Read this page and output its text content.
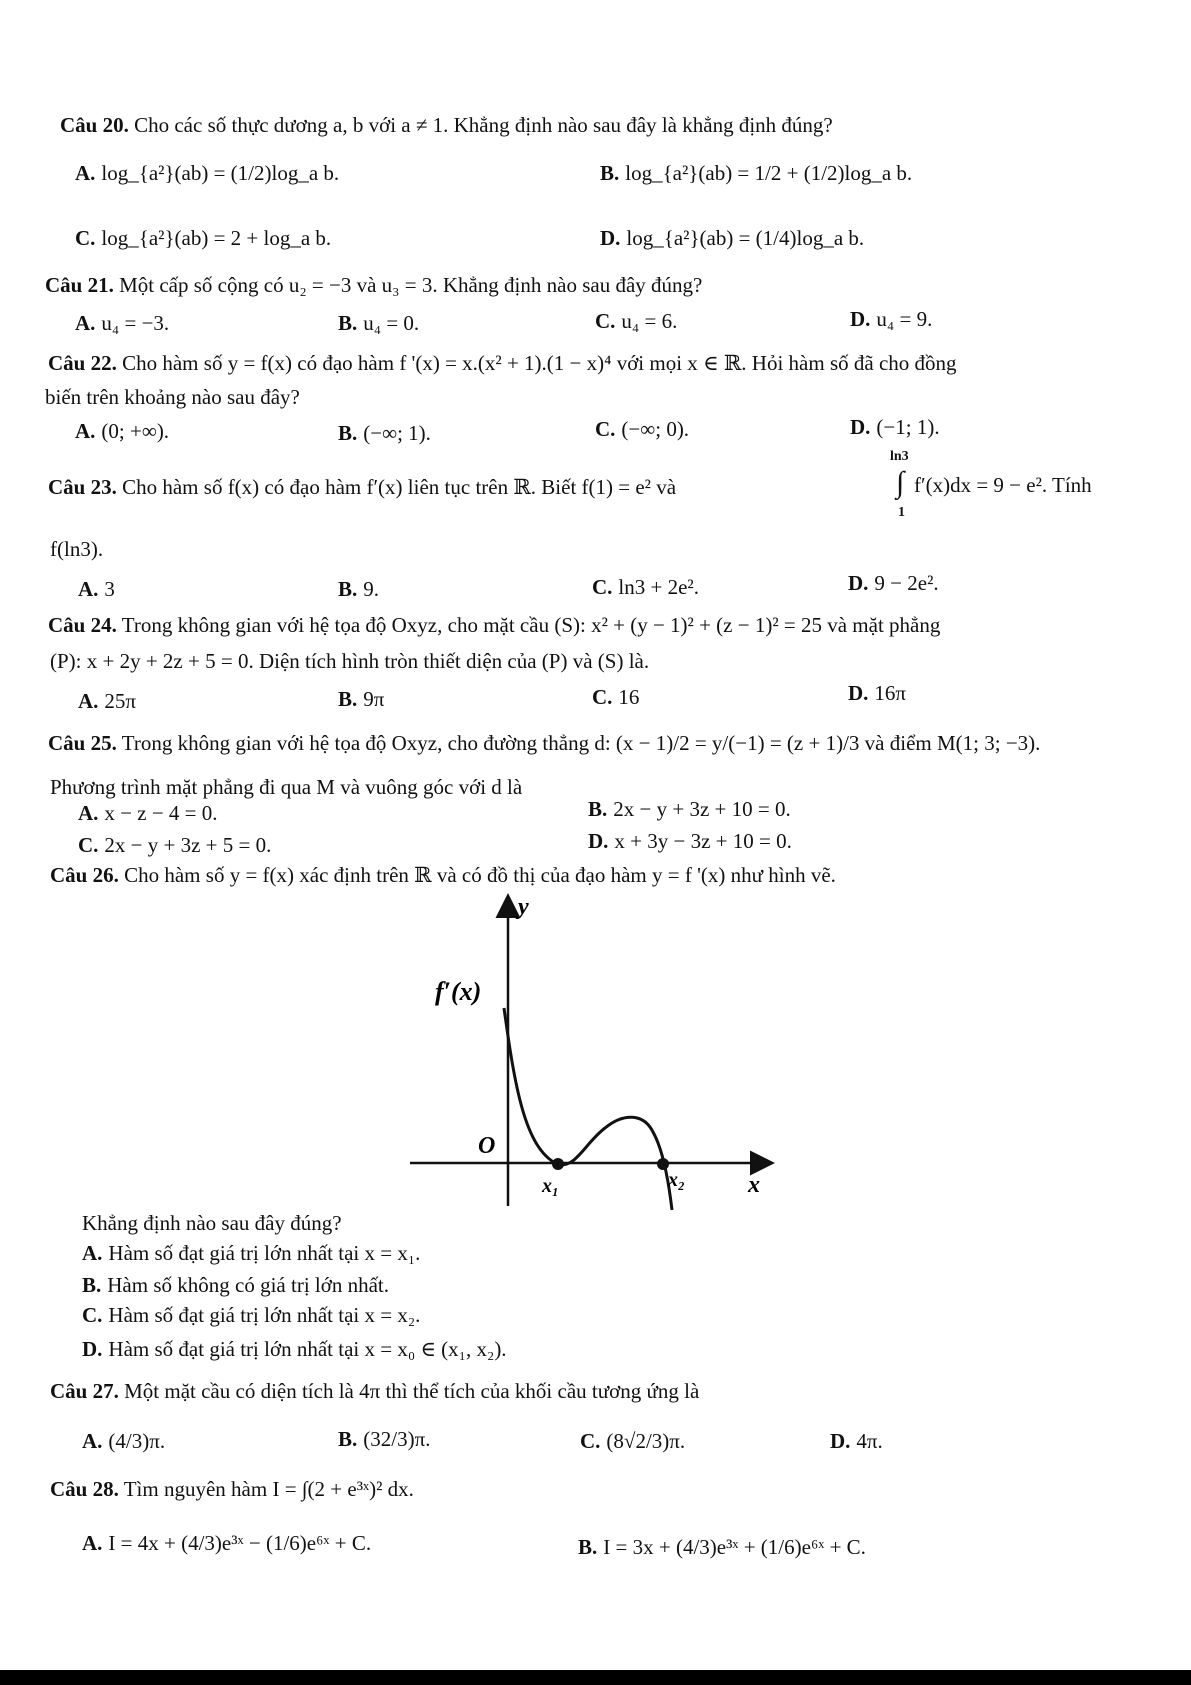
Câu 20. Cho các số thực dương a, b với a ≠ 1. Khẳng định nào sau đây là khẳng định đúng?
A. log_{a²}(ab) = (1/2)log_a b.	B. log_{a²}(ab) = 1/2 + (1/2)log_a b.
C. log_{a²}(ab) = 2 + log_a b.	D. log_{a²}(ab) = (1/4)log_a b.
Câu 21. Một cấp số cộng có u₂ = −3 và u₃ = 3. Khẳng định nào sau đây đúng?
A. u₄ = −3.	B. u₄ = 0.	C. u₄ = 6.	D. u₄ = 9.
Câu 22. Cho hàm số y = f(x) có đạo hàm f '(x) = x.(x² + 1).(1 − x)⁴ với mọi x ∈ ℝ. Hỏi hàm số đã cho đồng
biến trên khoảng nào sau đây?
A. (0; +∞).	B. (−∞; 1).	C. (−∞; 0).	D. (−1; 1).
Câu 23. Cho hàm số f(x) có đạo hàm f′(x) liên tục trên ℝ. Biết f(1) = e² và
ln3
∫
1
f′(x)dx = 9 − e². Tính
f(ln3).
A. 3	B. 9.	C. ln3 + 2e².	D. 9 − 2e².
Câu 24. Trong không gian với hệ tọa độ Oxyz, cho mặt cầu (S): x² + (y − 1)² + (z − 1)² = 25 và mặt phẳng
(P): x + 2y + 2z + 5 = 0. Diện tích hình tròn thiết diện của (P) và (S) là.
A. 25π	B. 9π	C. 16	D. 16π
Câu 25. Trong không gian với hệ tọa độ Oxyz, cho đường thẳng d: (x − 1)/2 = y/(−1) = (z + 1)/3 và điểm M(1; 3; −3).
Phương trình mặt phẳng đi qua M và vuông góc với d là
A. x − z − 4 = 0.	B. 2x − y + 3z + 10 = 0.
C. 2x − y + 3z + 5 = 0.	D. x + 3y − 3z + 10 = 0.
Câu 26. Cho hàm số y = f(x) xác định trên ℝ và có đồ thị của đạo hàm y = f '(x) như hình vẽ.
y
f′(x)
O
x₁	x₂	x
Khẳng định nào sau đây đúng?
A. Hàm số đạt giá trị lớn nhất tại x = x₁.
B. Hàm số không có giá trị lớn nhất.
C. Hàm số đạt giá trị lớn nhất tại x = x₂.
D. Hàm số đạt giá trị lớn nhất tại x = x₀ ∈ (x₁, x₂).
Câu 27. Một mặt cầu có diện tích là 4π thì thể tích của khối cầu tương ứng là
A. (4/3)π.	B. (32/3)π.	C. (8√2/3)π.	D. 4π.
Câu 28. Tìm nguyên hàm I = ∫(2 + e³ˣ)² dx.
A. I = 4x + (4/3)e³ˣ − (1/6)e⁶ˣ + C.	B. I = 3x + (4/3)e³ˣ + (1/6)e⁶ˣ + C.
